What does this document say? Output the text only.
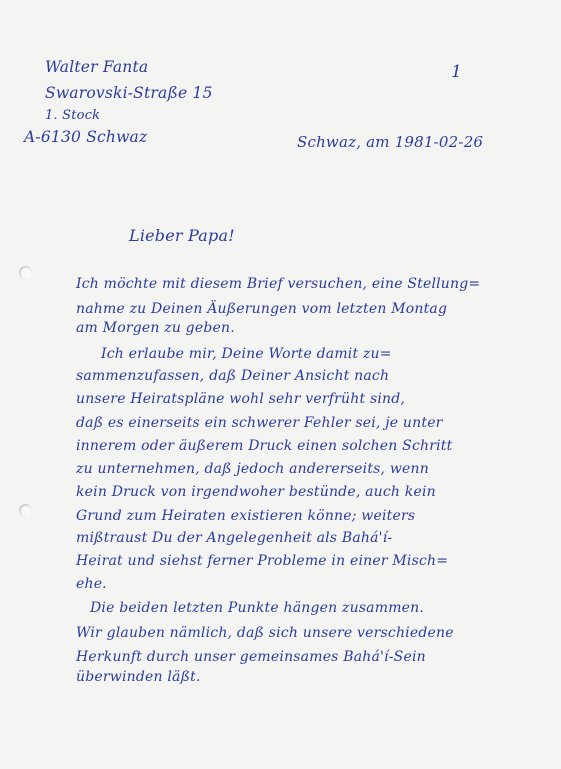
Walter Fanta

Swarovski-Straße 15

1. Stock

A-6130 Schwaz

1

Schwaz, am 1981-02-26

Lieber Papa!

Ich möchte mit diesem Brief versuchen, eine Stellung=

nahme zu Deinen Äußerungen vom letzten Montag

am Morgen zu geben.

Ich erlaube mir, Deine Worte damit zu=

sammenzufassen, daß Deiner Ansicht nach

unsere Heiratspläne wohl sehr verfrüht sind,

daß es einerseits ein schwerer Fehler sei, je unter

innerem oder äußerem Druck einen solchen Schritt

zu unternehmen, daß jedoch andererseits, wenn

kein Druck von irgendwoher bestünde, auch kein

Grund zum Heiraten existieren könne; weiters

mißtraust Du der Angelegenheit als Bahá'í-

Heirat und siehst ferner Probleme in einer Misch=

ehe.

Die beiden letzten Punkte hängen zusammen.

Wir glauben nämlich, daß sich unsere verschiedene

Herkunft durch unser gemeinsames Bahá'í-Sein

überwinden läßt.
